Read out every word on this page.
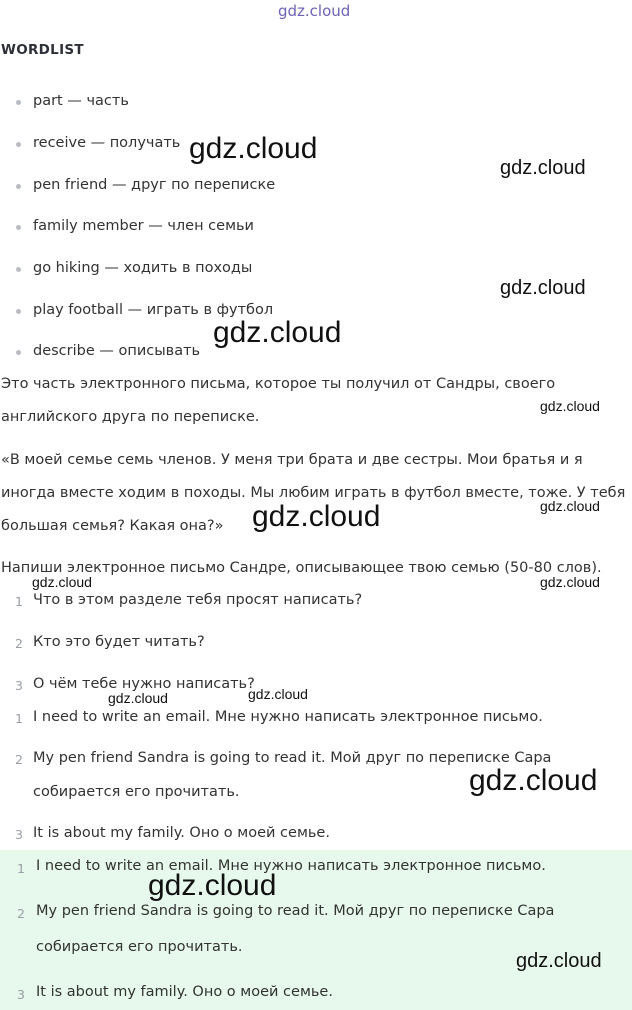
gdz.cloud
WORDLIST
part — часть
receive — получать
pen friend — друг по переписке
family member — член семьи
go hiking — ходить в походы
play football — играть в футбол
describe — описывать
Это часть электронного письма, которое ты получил от Сандры, своего
английского друга по переписке.
«В моей семье семь членов. У меня три брата и две сестры. Мои братья и я
иногда вместе ходим в походы. Мы любим играть в футбол вместе, тоже. У тебя
большая семья? Какая она?»
Напиши электронное письмо Сандре, описывающее твою семью (50-80 слов).
1 Что в этом разделе тебя просят написать?
2 Кто это будет читать?
3 О чём тебе нужно написать?
1 I need to write an email. Мне нужно написать электронное письмо.
2 My pen friend Sandra is going to read it. Мой друг по переписке Сара
собирается его прочитать.
3 It is about my family. Оно о моей семье.
1 I need to write an email. Мне нужно написать электронное письмо.
2 My pen friend Sandra is going to read it. Мой друг по переписке Сара
собирается его прочитать.
3 It is about my family. Оно о моей семье.
gdz.cloud
gdz.cloud
gdz.cloud
gdz.cloud
gdz.cloud
gdz.cloud
gdz.cloud
gdz.cloud	gdz.cloud
gdz.cloud
gdz.cloud
gdz.cloud
gdz.cloud
gdz.cloud
